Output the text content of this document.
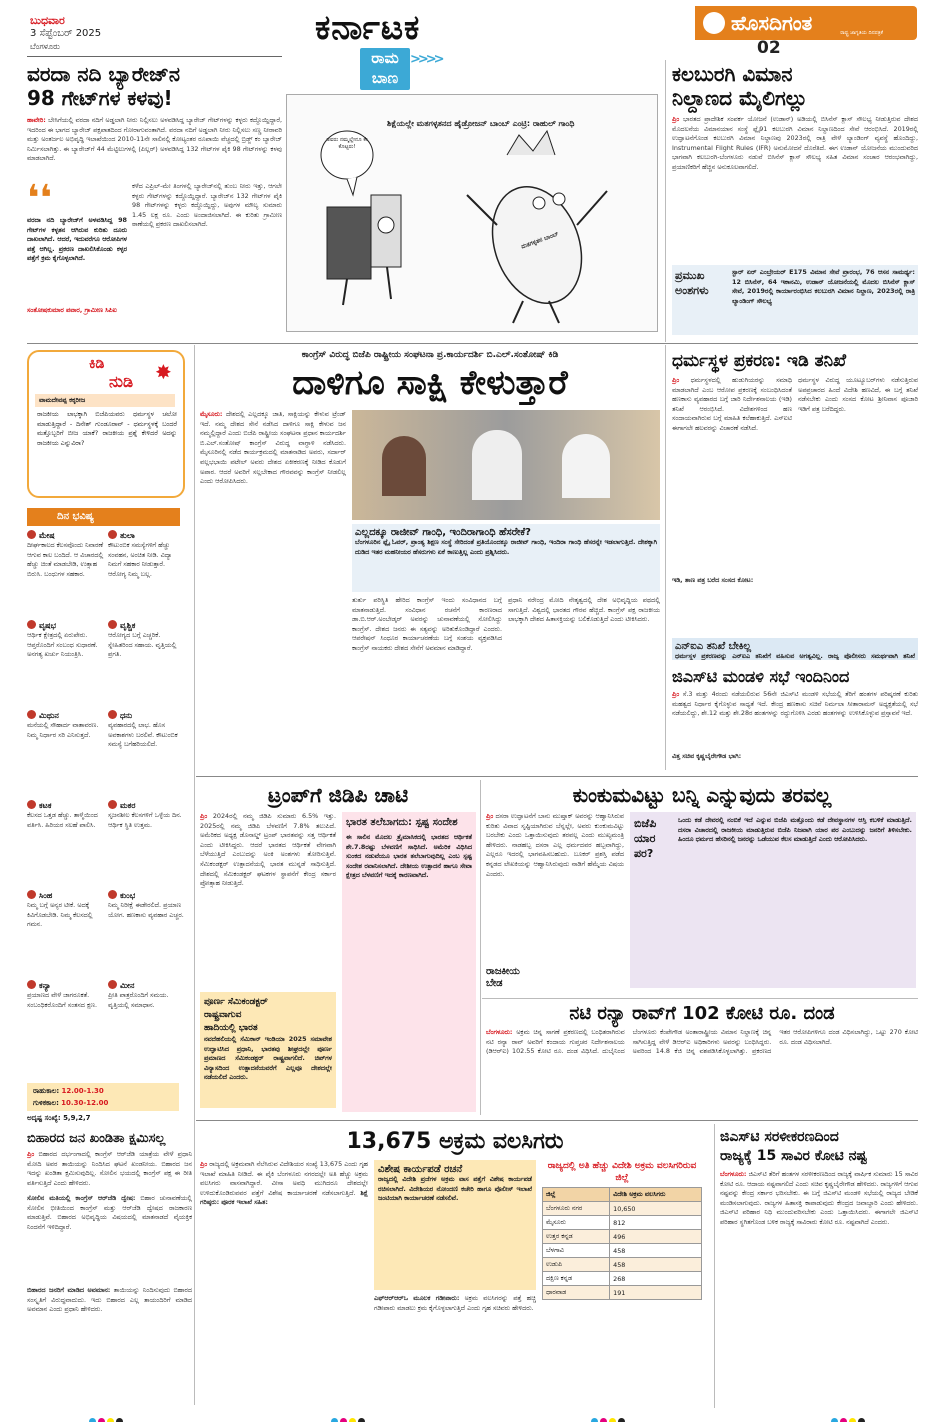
ಬುಧವಾರ
3 ಸೆಪ್ಟೆಂಬರ್ 2025
ಬೆಂಗಳೂರು	ಕರ್ನಾಟಕ
ರಾಮ
ಬಾಣ
>>>>
ಹೊಸದಿಗಂತ	ರಾಷ್ಟ್ರ ಜಾಗೃತಿಯ ದಿನಪತ್ರಿಕೆ
02
ವರದಾ ನದಿ ಬ್ಯಾರೇಜ್‌ನ
98 ಗೇಟ್‌ಗಳ ಕಳವು!
ಹಾವೇರಿ: ಬೇಸಿಗೆಯಲ್ಲಿ ವರದಾ ನದಿಗೆ ಅಡ್ಡಲಾಗಿ ನೀರು ನಿಲ್ಲಿಸಲು ಅಳವಡಿಸಿದ್ದ ಬ್ಯಾರೇಜ್ ಗೇಟ್‌ಗಳನ್ನು ಕಳ್ಳರು ಕದ್ದೊಯ್ದಿದ್ದಾರೆ, ಇದರಿಂದ ಈ ಭಾಗದ ಬ್ಯಾರೇಜ್ ಪಕ್ಷಪಾತದಿಂದ ಗೋರಾಗುವಂತಾಗಿದೆ. ವರದಾ ನದಿಗೆ ಅಡ್ಡಲಾಗಿ ನೀರು ನಿಲ್ಲಿಸಲು ಸಣ್ಣ ನೀರಾವರಿ ಮತ್ತು ಅಂತರ್ಜಲ ಅಭಿವೃದ್ಧಿ ಇಲಾಖೆಯಿಂದ 2010-11ನೇ ಸಾಲಿನಲ್ಲಿ ಕೋಟ್ಯಂತರ ರೂಪಾಯಿ ವೆಚ್ಚದಲ್ಲಿ ಬ್ರಿಡ್ಜ್ ಕಂ ಬ್ಯಾರೇಜ್ ನಿರ್ಮಿಸಲಾಗಿತ್ತು. ಈ ಬ್ಯಾರೇಜ್‌ಗೆ 44 ಮೆಟ್ಟಿಲುಗಳಲ್ಲಿ (ಪಿಲ್ಲರ್) ಅಳವಡಿಸಿದ್ದ 132 ಗೇಟ್‌ಗಳ ಪೈಕಿ 98 ಗೇಟ್‌ಗಳನ್ನು ಕಳವು ಮಾಡಲಾಗಿದೆ.
❛❛
ವರದಾ ನದಿ ಬ್ಯಾರೇಜ್‌ಗೆ ಅಳವಡಿಸಿದ್ದ 98 ಗೇಟ್‌ಗಳ ಕಳ್ಳತನ ಆಗಿರುವ ಕುರಿತು ದೂರು ದಾಖಲಾಗಿದೆ. ಆದರೆ, ಇದುವರೆಗೂ ಆರೋಪಿಗಳ ಪತ್ತೆ ಆಗಿಲ್ಲ. ಪ್ರಕರಣ ದಾಖಲಿಸಿಕೊಂಡು ಕಳ್ಳರ ಪತ್ತೆಗೆ ಕ್ರಮ ಕೈಗೊಳ್ಳಲಾಗಿದೆ.
ಸಂತೋಷಕುಮಾರ ಪವಾರ, ಗ್ರಾಮೀಣ ಸಿಪಿಐ
ಕಳೆದ ಎಪ್ರಿಲ್-ಮೇ ತಿಂಗಳಲ್ಲಿ ಬ್ಯಾರೇಜ್‌ನಲ್ಲಿ ತುಂಬ ನೀರು ಇತ್ತು, ಆಗಲೇ ಕಳ್ಳರು ಗೇಟ್‌ಗಳನ್ನು ಕದ್ದೊಯ್ದಿದ್ದಾರೆ. ಬ್ಯಾರೇಜ್‌ನ 132 ಗೇಟ್‌ಗಳ ಪೈಕಿ 98 ಗೇಟ್‌ಗಳನ್ನು ಕಳ್ಳರು ಕದ್ದೊಯ್ದಿದ್ದು, ಅವುಗಳ ಮೌಲ್ಯ ಸುಮಾರು 1.45 ಲಕ್ಷ ರೂ. ಎಂದು ಅಂದಾಜಿಸಲಾಗಿದೆ. ಈ ಕುರಿತು ಗ್ರಾಮೀಣ ಠಾಣೆಯಲ್ಲಿ ಪ್ರಕರಣ ದಾಖಲಿಸಲಾಗಿದೆ.
ಶಿಕ್ಷೆಯಲ್ಲೇ ಮತಗಳ್ಳತನದ ಹೈಡ್ರೋಜನ್ ಬಾಂಬ್ ಎಂಟ್ರಿ: ರಾಹುಲ್ ಗಾಂಧಿ
ಅವರು ನಮ್ಮಲ್ಲೇನೂ ಕೇ ಕೊಟ್ಟರು!
ಮತಗಳ್ಳತನ ಬಾಂಬ್
ಕಲಬುರಗಿ ವಿಮಾನ
ನಿಲ್ದಾಣದ ಮೈಲಿಗಲ್ಲು
ಪ್ರಿಂ ಭಾರತದ ಪ್ರಾದೇಶಿಕ ಸಂಪರ್ಕ ಯೋಜನೆ (ಉಡಾನ್) ಅಡಿಯಲ್ಲಿ ಬಿಸಿನೆಸ್ ಕ್ಲಾಸ್ ಸೌಲಭ್ಯ ನೀಡುತ್ತಿರುವ ದೇಶದ ಮೊದಲನೆಯ ವಿಮಾನಯಾನ ಸಂಸ್ಥೆ ಫ್ಲೈ91 ಕಲಬುರಗಿ ವಿಮಾನ ನಿಲ್ದಾಣದಿಂದ ಸೇವೆ ಆರಂಭಿಸಿದೆ. 2019ರಲ್ಲಿ ಉದ್ಘಾಟನೆಗೊಂಡ ಕಲಬುರಗಿ ವಿಮಾನ ನಿಲ್ದಾಣವು 2023ರಲ್ಲಿ ರಾತ್ರಿ ವೇಳೆ ಲ್ಯಾಂಡಿಂಗ್ ವ್ಯವಸ್ಥೆ ಹೊಂದಿದ್ದು, Instrumental Flight Rules (IFR) ಅನುಮೋದನೆ ದೊರೆತಿದೆ. ಈಗ ಉಡಾನ್ ಯೋಜನೆಯ ಮುಂದುವರಿದ ಭಾಗವಾಗಿ ಕಲಬುರಗಿ-ಬೆಂಗಳೂರು ನಡುವೆ ಬಿಸಿನೆಸ್ ಕ್ಲಾಸ್ ಸೌಲಭ್ಯ ಸಹಿತ ವಿಮಾನ ಸಂಚಾರ ಆರಂಭವಾಗಿದ್ದು, ಪ್ರಯಾಣಿಕರಿಗೆ ಹೆಚ್ಚಿನ ಅನುಕೂಲವಾಗಲಿದೆ.
ಪ್ರಮುಖ
ಅಂಶಗಳು
ಸ್ಟಾರ್ ಏರ್ ಎಂಬ್ರೇಯರ್ E175 ವಿಮಾನ ಸೇವೆ ಪ್ರಾರಂಭ, 76 ಆಸನ ಸಾಮರ್ಥ್ಯ: 12 ಬಿಸಿನೆಸ್, 64 ಇಕಾನಮಿ, ಉಡಾನ್ ಯೋಜನೆಯಲ್ಲಿ ಮೊದಲ ಬಿಸಿನೆಸ್ ಕ್ಲಾಸ್ ಸೇವೆ, 2019ರಲ್ಲಿ ಕಾರ್ಯಾರಂಭಿಸಿದ ಕಲಬುರಗಿ ವಿಮಾನ ನಿಲ್ದಾಣ, 2023ರಲ್ಲಿ ರಾತ್ರಿ ಲ್ಯಾಂಡಿಂಗ್ ಸೌಲಭ್ಯ
ಕಿಡಿ
ನುಡಿ ✸
ವಾಮದೇವಪ್ಪ ಕಕ್ಕರೀಜ
ರಾಜಕೀಯ ಲಾಭಕ್ಕಾಗಿ ಬಿಜೆಪಿಯವರು ಧರ್ಮಸ್ಥಳ ಚಲೋ ಮಾಡುತ್ತಿದ್ದಾರೆ - ದಿನೇಶ್ ಗುಂಡೂರಾವ್ - ಧರ್ಮಸ್ಥಳಕ್ಕೆ ಬಂದರೆ ಮತ್ತೊಬ್ಬರಿಗೆ ಬೀಜ ಯಾಕೆ? ರಾಜಕೀಯ ಪ್ರಶ್ನೆ ಕೇಳಿದರೆ ಅದನ್ನು ರಾಜಕೀಯ ಎನ್ನುವಿರಾ?
ದಿನ ಭವಿಷ್ಯ
ಮೇಷ
ದೀರ್ಘಕಾಲದ ಕೆಲಸವೊಂದು ನಿವಾರಣೆ ಆಗುವ ಕಾಲ ಬಂದಿದೆ. ಆ ವಿಚಾರದಲ್ಲಿ ಹೆಚ್ಚು ಚಿಂತೆ ಮಾಡಬೇಡಿ, ಉತ್ಸಾಹ ಬಿರುಸಿ. ಬಂಧುಗಳ ಸಹಕಾರ.
ತುಲಾ
ಕೌಟುಂಬಿಕ ಸಮಸ್ಯೆಗಳಿಗೆ ಹೆಚ್ಚು ಸಂವಹನ, ಅಂಚಿತ ನೀಡಿ. ವಿದ್ಯಾ ನಿಮಗೆ ಸಹಕಾರ ನೀಡುತ್ತಾರೆ. ಆರೋಗ್ಯ ನಿಮ್ಮ ಬಲ್ಲ.
ವೃಷಭ
ಆರ್ಥಿಕ ಕ್ಷೇತ್ರದಲ್ಲಿ ಏರುಪೇರು. ಆಪ್ತರೊಂದಿಗೆ ಸಂಬಂಧ ಸುಧಾರಣೆ. ಅನಗತ್ಯ ಖರ್ಚು ನಿಯಂತ್ರಿಸಿ.
ವೃಶ್ಚಿಕ
ಆರೋಗ್ಯದ ಬಗ್ಗೆ ಎಚ್ಚರಿಕೆ. ಸ್ನೇಹಿತರಿಂದ ಸಹಾಯ. ವೃತ್ತಿಯಲ್ಲಿ ಪ್ರಗತಿ.
ಮಿಥುನ
ಮನೆಯಲ್ಲಿ ಸೌಹಾರ್ದ ವಾತಾವರಣ. ನಿಮ್ಮ ನಿರ್ಧಾರ ಸರಿ ಎನಿಸುತ್ತದೆ.
ಧನು
ವ್ಯವಹಾರದಲ್ಲಿ ಲಾಭ. ಹೊಸ ಅವಕಾಶಗಳು ಬರಲಿವೆ. ಕೌಟುಂಬಿಕ ಸಮಸ್ಯೆ ಬಗೆಹರಿಯಲಿದೆ.
ಕಟಕ
ಕೆಲಸದ ಒತ್ತಡ ಹೆಚ್ಚು. ತಾಳ್ಮೆಯಿಂದ ವರ್ತಿಸಿ. ಹಿರಿಯರ ಸಲಹೆ ಪಾಲಿಸಿ.
ಮಕರ
ಸೃಜನಶೀಲ ಕೆಲಸಗಳಿಗೆ ಒಳ್ಳೆಯ ದಿನ. ಆರ್ಥಿಕ ಸ್ಥಿತಿ ಉತ್ತಮ.
ಸಿಂಹ
ನಿಮ್ಮ ಬಗ್ಗೆ ಅನ್ಯರ ಟೀಕೆ. ಅದಕ್ಕೆ ಕಿವಿಗೊಡಬೇಡಿ. ನಿಮ್ಮ ಕೆಲಸದಲ್ಲಿ ಗಮನ.
ಕುಂಭ
ನಿಮ್ಮ ನಿರೀಕ್ಷೆ ಈಡೇರಲಿದೆ. ಪ್ರಯಾಣ ಯೋಗ. ಹಣಕಾಸು ವ್ಯವಹಾರ ಎಚ್ಚರ.
ಕನ್ಯಾ
ಪ್ರಯಾಣದ ವೇಳೆ ಜಾಗರೂಕತೆ. ಸಂಬಂಧಿಕರೊಂದಿಗೆ ಸಂತಸದ ಕ್ಷಣ.
ಮೀನ
ಪ್ರೀತಿ ಪಾತ್ರರೊಂದಿಗೆ ಸಮಯ. ವೃತ್ತಿಯಲ್ಲಿ ಸಮಾಧಾನ.
ರಾಹುಕಾಲ: 12.00-1.30
ಗುಳಿಕಕಾಲ: 10.30-12.00
ಅದೃಷ್ಟ ಸಂಖ್ಯೆ: 5,9,2,7
ಬಿಹಾರದ ಜನ ಖಂಡಿತಾ ಕ್ಷಮಿಸಲ್ಲ
ಪ್ರಿಂ ಬಿಹಾರದ ದರ್ಭಂಗಾದಲ್ಲಿ ಕಾಂಗ್ರೆಸ್ ಆರ್‌ಜೆಡಿ ಯಾತ್ರೆಯ ವೇಳೆ ಪ್ರಧಾನಿ ಮೋದಿ ಅವರ ತಾಯಿಯನ್ನು ನಿಂದಿಸಿದ ಘಟನೆ ಖಂಡನೀಯ. ಬಿಹಾರದ ಜನ ಇದನ್ನು ಖಂಡಿತಾ ಕ್ಷಮಿಸುವುದಿಲ್ಲ. ಸೋಲಿನ ಭಯದಲ್ಲಿ ಕಾಂಗ್ರೆಸ್ ಪಕ್ಷ ಈ ರೀತಿ ವರ್ತಿಸುತ್ತಿದೆ ಎಂದು ಹೇಳಿದರು.
ಸೋಲಿನ ಮತಿಯಲ್ಲಿ ಕಾಂಗ್ರೆಸ್ ಆರ್‌ಜೆಡಿ ದ್ವೇಷ: ಬಿಹಾರ ಚುನಾವಣೆಯಲ್ಲಿ ಸೋಲಿನ ಭೀತಿಯಿಂದ ಕಾಂಗ್ರೆಸ್ ಮತ್ತು ಆರ್‌ಜೆಡಿ ದ್ವೇಷದ ರಾಜಕಾರಣ ಮಾಡುತ್ತಿವೆ. ಬಿಹಾರದ ಅಭಿವೃದ್ಧಿಯ ವಿಷಯದಲ್ಲಿ ಮಾತನಾಡದೆ ವೈಯಕ್ತಿಕ ನಿಂದನೆಗೆ ಇಳಿದಿದ್ದಾರೆ.
ಬಿಹಾರದ ಜನರಿಗೆ ಮಾಡಿದ ಅವಮಾನ: ತಾಯಿಯನ್ನು ನಿಂದಿಸುವುದು ಬಿಹಾರದ ಸಂಸ್ಕೃತಿಗೆ ವಿರುದ್ಧವಾದುದು. ಇದು ಬಿಹಾರದ ಎಲ್ಲ ತಾಯಂದಿರಿಗೆ ಮಾಡಿದ ಅವಮಾನ ಎಂದು ಪ್ರಧಾನಿ ಹೇಳಿದರು.
ಕಾಂಗ್ರೆಸ್ ವಿರುದ್ಧ ಬಿಜೆಪಿ ರಾಷ್ಟ್ರೀಯ ಸಂಘಟನಾ ಪ್ರ.ಕಾರ್ಯದರ್ಶಿ ಬಿ.ಎಲ್.ಸಂತೋಷ್ ಕಿಡಿ
ದಾಳಿಗೂ ಸಾಕ್ಷಿ ಕೇಳುತ್ತಾರೆ
ಮೈಸೂರು: ದೇಶದಲ್ಲಿ ಎಲ್ಲದಕ್ಕೂ ಜಾತಿ, ಸಾಕ್ಷಿಯನ್ನು ಕೇಳುವ ಟ್ರೆಂಡ್ ಇದೆ. ನಮ್ಮ ದೇಶದ ಸೇನೆ ನಡೆಸಿದ ದಾಳಿಗೂ ಸಾಕ್ಷಿ ಕೇಳುವ ಜನ ನಮ್ಮಲ್ಲಿದ್ದಾರೆ ಎಂದು ಬಿಜೆಪಿ ರಾಷ್ಟ್ರೀಯ ಸಂಘಟನಾ ಪ್ರಧಾನ ಕಾರ್ಯದರ್ಶಿ ಬಿ.ಎಲ್.ಸಂತೋಷ್ ಕಾಂಗ್ರೆಸ್ ವಿರುದ್ಧ ವಾಗ್ದಾಳಿ ನಡೆಸಿದರು. ಮೈಸೂರಿನಲ್ಲಿ ನಡೆದ ಕಾರ್ಯಕ್ರಮದಲ್ಲಿ ಮಾತನಾಡಿದ ಅವರು, ಸರ್ದಾರ್ ವಲ್ಲಭಭಾಯಿ ಪಟೇಲ್ ಅವರು ದೇಶದ ಏಕೀಕರಣಕ್ಕೆ ನೀಡಿದ ಕೊಡುಗೆ ಅಪಾರ. ಆದರೆ ಅವರಿಗೆ ಸಲ್ಲಬೇಕಾದ ಗೌರವವನ್ನು ಕಾಂಗ್ರೆಸ್ ನೀಡಲಿಲ್ಲ ಎಂದು ಆರೋಪಿಸಿದರು.
ಎಲ್ಲದಕ್ಕೂ ರಾಜೀವ್ ಗಾಂಧಿ, ಇಂದಿರಾಗಾಂಧಿ ಹೆಸರೇಕೆ?
ಬೆಂಗಳೂರಿನ ಫ್ಲೈ ಓವರ್, ಪ್ರಾಂತ್ಯ ಶಿಕ್ಷಣ ಸಂಸ್ಥೆ ಸೇರಿದಂತೆ ಪ್ರತಿಯೊಂದಕ್ಕೂ ರಾಜೀವ್ ಗಾಂಧಿ, ಇಂದಿರಾ ಗಾಂಧಿ ಹೆಸರನ್ನೇ ಇಡಲಾಗುತ್ತಿದೆ. ದೇಶಕ್ಕಾಗಿ ದುಡಿದ ಇತರ ಮಹನೀಯರ ಹೆಸರುಗಳು ಏಕೆ ಕಾಣುತ್ತಿಲ್ಲ ಎಂದು ಪ್ರಶ್ನಿಸಿದರು.
ತುರ್ತು ಪರಿಸ್ಥಿತಿ ಹೇರಿದ ಕಾಂಗ್ರೆಸ್ ಇಂದು ಸಂವಿಧಾನದ ಬಗ್ಗೆ ಮಾತನಾಡುತ್ತಿದೆ. ಸಂವಿಧಾನ ರಚನೆಗೆ ಕಾರಣರಾದ ಡಾ.ಬಿ.ಆರ್.ಅಂಬೇಡ್ಕರ್ ಅವರನ್ನು ಚುನಾವಣೆಯಲ್ಲಿ ಸೋಲಿಸಿದ್ದು ಕಾಂಗ್ರೆಸ್. ದೇಶದ ಜನರು ಈ ಸತ್ಯವನ್ನು ಅರಿತುಕೊಂಡಿದ್ದಾರೆ ಎಂದರು. ಆಪರೇಷನ್ ಸಿಂಧೂರ ಕಾರ್ಯಾಚರಣೆಯ ಬಗ್ಗೆ ಸಂಶಯ ವ್ಯಕ್ತಪಡಿಸಿದ ಕಾಂಗ್ರೆಸ್ ನಾಯಕರು ದೇಶದ ಸೇನೆಗೆ ಅವಮಾನ ಮಾಡಿದ್ದಾರೆ.
ಪ್ರಧಾನಿ ನರೇಂದ್ರ ಮೋದಿ ನೇತೃತ್ವದಲ್ಲಿ ದೇಶ ಅಭಿವೃದ್ಧಿಯ ಪಥದಲ್ಲಿ ಸಾಗುತ್ತಿದೆ. ವಿಶ್ವದಲ್ಲಿ ಭಾರತದ ಗೌರವ ಹೆಚ್ಚಿದೆ. ಕಾಂಗ್ರೆಸ್ ಪಕ್ಷ ರಾಜಕೀಯ ಲಾಭಕ್ಕಾಗಿ ದೇಶದ ಹಿತಾಸಕ್ತಿಯನ್ನು ಬಲಿಕೊಡುತ್ತಿದೆ ಎಂದು ಟೀಕಿಸಿದರು.
ಧರ್ಮಸ್ಥಳ ಪ್ರಕರಣ: ಇಡಿ ತನಿಖೆ
ಪ್ರಿಂ ಧರ್ಮಸ್ಥಳದಲ್ಲಿ ಹುಡುಗಿಯರನ್ನು ಸಮಾಧಿ ಮಾಡಲಾಗಿದೆ ಎಂಬ ಆರೋಪ ಪ್ರಕರಣಕ್ಕೆ ಸಂಬಂಧಿಸಿದಂತೆ ಹಣಕಾಸು ವ್ಯವಹಾರದ ಬಗ್ಗೆ ಜಾರಿ ನಿರ್ದೇಶನಾಲಯ (ಇಡಿ) ತನಿಖೆ ಆರಂಭಿಸಿದೆ. ವಿದೇಶಗಳಿಂದ ಹಣ ಸಂದಾಯವಾಗಿರುವ ಬಗ್ಗೆ ಮಾಹಿತಿ ಕಲೆಹಾಕುತ್ತಿದೆ. ಎಸ್‌ಐಟಿ ಈಗಾಗಲೇ ಹಲವರನ್ನು ವಿಚಾರಣೆ ನಡೆಸಿದೆ.
ಧರ್ಮಸ್ಥಳ ವಿರುದ್ಧ ಯೂಟ್ಯೂಬರ್‌ಗಳು ನಡೆಸುತ್ತಿರುವ ಅಪಪ್ರಚಾರದ ಹಿಂದೆ ವಿದೇಶಿ ಹಣವಿದೆ, ಈ ಬಗ್ಗೆ ತನಿಖೆ ನಡೆಸಬೇಕು ಎಂದು ಸಂಸದ ಕೋಟ ಶ್ರೀನಿವಾಸ ಪೂಜಾರಿ ಇಡಿಗೆ ಪತ್ರ ಬರೆದಿದ್ದರು.
ಇಡಿ, ತಾಣ ಪತ್ರ ಬರೆದ ಸಂಸದ ಕೋಟ:
ಎನ್‌ಐಎ ತನಿಖೆ ಬೇಕಿಲ್ಲ
ಧರ್ಮಸ್ಥಳ ಪ್ರಕರಣವನ್ನು ಎನ್‌ಐಎ ತನಿಖೆಗೆ ವಹಿಸುವ ಅಗತ್ಯವಿಲ್ಲ. ರಾಜ್ಯ ಪೊಲೀಸರು ಸಮರ್ಥವಾಗಿ ತನಿಖೆ
ಜಿಎಸ್‌ಟಿ ಮಂಡಳಿ ಸಭೆ ಇಂದಿನಿಂದ
ಪ್ರಿಂ ಸೆ.3 ಮತ್ತು 4ರಂದು ನಡೆಯಲಿರುವ 56ನೇ ಜಿಎಸ್‌ಟಿ ಮಂಡಳಿ ಸಭೆಯಲ್ಲಿ ತೆರಿಗೆ ಹಂತಗಳ ಪರಿಷ್ಕರಣೆ ಕುರಿತು ಮಹತ್ವದ ನಿರ್ಧಾರ ಕೈಗೊಳ್ಳುವ ಸಾಧ್ಯತೆ ಇದೆ. ಕೇಂದ್ರ ಹಣಕಾಸು ಸಚಿವೆ ನಿರ್ಮಲಾ ಸೀತಾರಾಮನ್ ಅಧ್ಯಕ್ಷತೆಯಲ್ಲಿ ಸಭೆ ನಡೆಯಲಿದ್ದು, ಶೇ.12 ಮತ್ತು ಶೇ.28ರ ಹಂತಗಳನ್ನು ರದ್ದುಗೊಳಿಸಿ ಎರಡು ಹಂತಗಳನ್ನು ಉಳಿಸಿಕೊಳ್ಳುವ ಪ್ರಸ್ತಾವನೆ ಇದೆ.
ವಿತ್ತ ಸಚಿವ ಕೃಷ್ಣಬೈರೇಗೌಡ ಭಾಗಿ:
ಟ್ರಂಪ್‌ಗೆ ಜಿಡಿಪಿ ಚಾಟಿ
ಪ್ರಿಂ 2024ರಲ್ಲಿ ನಮ್ಮ ಜಿಡಿಪಿ ಸುಮಾರು 6.5% ಇತ್ತು. 2025ರಲ್ಲಿ ನಮ್ಮ ಜಿಡಿಪಿ ಬೆಳವಣಿಗೆ 7.8% ತಲುಪಿದೆ. ಅಮೆರಿಕದ ಅಧ್ಯಕ್ಷ ಡೊನಾಲ್ಡ್ ಟ್ರಂಪ್ ಭಾರತವನ್ನು ಸತ್ತ ಆರ್ಥಿಕತೆ ಎಂದು ಟೀಕಿಸಿದ್ದರು. ಆದರೆ ಭಾರತದ ಆರ್ಥಿಕತೆ ವೇಗವಾಗಿ ಬೆಳೆಯುತ್ತಿದೆ ಎಂಬುದನ್ನು ಅಂಕಿ ಅಂಶಗಳು ತೋರಿಸುತ್ತಿವೆ. ಸೆಮಿಕಂಡಕ್ಟರ್ ಉತ್ಪಾದನೆಯಲ್ಲಿ ಭಾರತ ಮುನ್ನಡೆ ಸಾಧಿಸುತ್ತಿದೆ. ದೇಶದಲ್ಲಿ ಸೆಮಿಕಂಡಕ್ಟರ್ ಘಟಕಗಳ ಸ್ಥಾಪನೆಗೆ ಕೇಂದ್ರ ಸರ್ಕಾರ ಪ್ರೋತ್ಸಾಹ ನೀಡುತ್ತಿದೆ.
ಭಾರತ ತಲೆಬಾಗದು: ಸ್ಪಷ್ಟ ಸಂದೇಶ
ಈ ಸಾಲಿನ ಮೊದಲ ತ್ರೈಮಾಸಿಕದಲ್ಲಿ ಭಾರತದ ಆರ್ಥಿಕತೆ ಶೇ.7.8ರಷ್ಟು ಬೆಳವಣಿಗೆ ಸಾಧಿಸಿದೆ. ಅಮೆರಿಕ ವಿಧಿಸಿದ ಸುಂಕದ ನಡುವೆಯೂ ಭಾರತ ತಲೆಬಾಗುವುದಿಲ್ಲ ಎಂಬ ಸ್ಪಷ್ಟ ಸಂದೇಶ ರವಾನಿಸಲಾಗಿದೆ. ದೇಶೀಯ ಉತ್ಪಾದನೆ ಹಾಗೂ ಸೇವಾ ಕ್ಷೇತ್ರದ ಬೆಳವಣಿಗೆ ಇದಕ್ಕೆ ಕಾರಣವಾಗಿದೆ.
ಪೂರ್ಣ ಸೆಮಿಕಂಡಕ್ಟರ್
ರಾಷ್ಟ್ರವಾಗುವ
ಹಾದಿಯಲ್ಲಿ ಭಾರತ
ನವದೆಹಲಿಯಲ್ಲಿ ಸೆಮಿಕಾನ್ ಇಂಡಿಯಾ 2025 ಸಮಾವೇಶ ಉದ್ಘಾಟಿಸಿದ ಪ್ರಧಾನಿ, ಭಾರತವು ಶೀಘ್ರದಲ್ಲೇ ಪೂರ್ಣ ಪ್ರಮಾಣದ ಸೆಮಿಕಂಡಕ್ಟರ್ ರಾಷ್ಟ್ರವಾಗಲಿದೆ. ಚಿಪ್‌ಗಳ ವಿನ್ಯಾಸದಿಂದ ಉತ್ಪಾದನೆಯವರೆಗೆ ಎಲ್ಲವೂ ದೇಶದಲ್ಲೇ ನಡೆಯಲಿದೆ ಎಂದರು.
ಕುಂಕುಮವಿಟ್ಟು ಬನ್ನಿ ಎನ್ನುವುದು ತರವಲ್ಲ
ಪ್ರಿಂ ದಸರಾ ಉದ್ಘಾಟನೆಗೆ ಬಾನು ಮುಷ್ತಾಕ್ ಅವರನ್ನು ಆಹ್ವಾನಿಸಿರುವ ಕುರಿತು ವಿವಾದ ಸೃಷ್ಟಿಯಾಗಿರುವ ಬೆನ್ನಲ್ಲೇ, ಅವರು ಕುಂಕುಮವಿಟ್ಟು ಬರಬೇಕು ಎಂದು ಒತ್ತಾಯಿಸುವುದು ತರವಲ್ಲ ಎಂದು ಮುಖ್ಯಮಂತ್ರಿ ಹೇಳಿದರು. ನಾಡಹಬ್ಬ ದಸರಾ ಎಲ್ಲ ಧರ್ಮದವರ ಹಬ್ಬವಾಗಿದ್ದು, ಎಲ್ಲರೂ ಇದರಲ್ಲಿ ಭಾಗವಹಿಸಬಹುದು. ಬೂಕರ್ ಪ್ರಶಸ್ತಿ ಪಡೆದ ಕನ್ನಡದ ಲೇಖಕಿಯನ್ನು ಆಹ್ವಾನಿಸಿರುವುದು ನಾಡಿಗೆ ಹೆಮ್ಮೆಯ ವಿಷಯ ಎಂದರು.
ಬಿಜೆಪಿ
ಯಾರ
ಪರ?
ಒಂದು ಕಡೆ ದೇವರಲ್ಲಿ ನಂಬಿಕೆ ಇದೆ ಎನ್ನುವ ಬಿಜೆಪಿ ಮತ್ತೊಂದು ಕಡೆ ದೇವಸ್ಥಾನಗಳ ಆಸ್ತಿ ಕಬಳಿಕೆ ಮಾಡುತ್ತಿದೆ. ದಸರಾ ವಿಚಾರದಲ್ಲಿ ರಾಜಕೀಯ ಮಾಡುತ್ತಿರುವ ಬಿಜೆಪಿ ನಿಜವಾಗಿ ಯಾರ ಪರ ಎಂಬುದನ್ನು ಜನರಿಗೆ ತಿಳಿಸಬೇಕು. ಹಿಂದೂ ಧರ್ಮದ ಹೆಸರಿನಲ್ಲಿ ಜನರನ್ನು ಒಡೆಯುವ ಕೆಲಸ ಮಾಡುತ್ತಿದೆ ಎಂದು ಆರೋಪಿಸಿದರು.
ರಾಜಕೀಯ
ಬೇಡ
ನಟಿ ರನ್ಯಾ ರಾವ್‌ಗೆ 102 ಕೋಟಿ ರೂ. ದಂಡ
ಬೆಂಗಳೂರು: ಅಕ್ರಮ ಚಿನ್ನ ಸಾಗಣೆ ಪ್ರಕರಣದಲ್ಲಿ ಬಂಧಿತರಾಗಿರುವ ನಟಿ ರನ್ಯಾ ರಾವ್ ಅವರಿಗೆ ಕಂದಾಯ ಗುಪ್ತಚರ ನಿರ್ದೇಶನಾಲಯ (ಡಿಆರ್‌ಐ) 102.55 ಕೋಟಿ ರೂ. ದಂಡ ವಿಧಿಸಿದೆ. ದುಬೈನಿಂದ ಬೆಂಗಳೂರು ಕೆಂಪೇಗೌಡ ಅಂತಾರಾಷ್ಟ್ರೀಯ ವಿಮಾನ ನಿಲ್ದಾಣಕ್ಕೆ ಚಿನ್ನ ಸಾಗಿಸುತ್ತಿದ್ದ ವೇಳೆ ಡಿಆರ್‌ಐ ಅಧಿಕಾರಿಗಳು ಅವರನ್ನು ಬಂಧಿಸಿದ್ದರು. ಅವರಿಂದ 14.8 ಕೆಜಿ ಚಿನ್ನ ವಶಪಡಿಸಿಕೊಳ್ಳಲಾಗಿತ್ತು. ಪ್ರಕರಣದ ಇತರ ಆರೋಪಿಗಳಿಗೂ ದಂಡ ವಿಧಿಸಲಾಗಿದ್ದು, ಒಟ್ಟು 270 ಕೋಟಿ ರೂ. ದಂಡ ವಿಧಿಸಲಾಗಿದೆ.
13,675 ಅಕ್ರಮ ವಲಸಿಗರು
ಪ್ರಿಂ ರಾಜ್ಯದಲ್ಲಿ ಅಕ್ರಮವಾಗಿ ನೆಲೆಸಿರುವ ವಿದೇಶಿಯರ ಸಂಖ್ಯೆ 13,675 ಎಂದು ಗೃಹ ಇಲಾಖೆ ಮಾಹಿತಿ ನೀಡಿದೆ. ಈ ಪೈಕಿ ಬೆಂಗಳೂರು ನಗರದಲ್ಲೇ ಅತಿ ಹೆಚ್ಚು ಅಕ್ರಮ ವಲಸಿಗರು ವಾಸವಾಗಿದ್ದಾರೆ. ವೀಸಾ ಅವಧಿ ಮುಗಿದರೂ ದೇಶದಲ್ಲೇ ಉಳಿದುಕೊಂಡಿರುವವರ ಪತ್ತೆಗೆ ವಿಶೇಷ ಕಾರ್ಯಾಚರಣೆ ನಡೆಸಲಾಗುತ್ತಿದೆ. ಶಿಕ್ಷೆ ಗರಿಷ್ಠರು: ಪೂರಕ ಇಲಾಖೆ ಸಹಿತ:
ವಿಶೇಷ ಕಾರ್ಯಪಡೆ ರಚನೆ
ರಾಜ್ಯದಲ್ಲಿ ವಿದೇಶಿ ಪ್ರಜೆಗಳ ಅಕ್ರಮ ವಾಸ ಪತ್ತೆಗೆ ವಿಶೇಷ ಕಾರ್ಯಪಡೆ ರಚಿಸಲಾಗಿದೆ. ವಿದೇಶಿಯರ ನೋಂದಣಿ ಕಚೇರಿ ಹಾಗೂ ಪೊಲೀಸ್ ಇಲಾಖೆ ಜಂಟಿಯಾಗಿ ಕಾರ್ಯಾಚರಣೆ ನಡೆಸಲಿವೆ.
ಎಫ್‌ಆರ್‌ಆರ್‌ಒ ಮೂಲಕ ಗಡೀಪಾರು: ಅಕ್ರಮ ವಲಸಿಗರನ್ನು ಪತ್ತೆ ಹಚ್ಚಿ ಗಡೀಪಾರು ಮಾಡಲು ಕ್ರಮ ಕೈಗೊಳ್ಳಲಾಗುತ್ತಿದೆ ಎಂದು ಗೃಹ ಸಚಿವರು ಹೇಳಿದರು.
ರಾಜ್ಯದಲ್ಲಿ ಅತಿ ಹೆಚ್ಚು ವಿದೇಶಿ ಅಕ್ರಮ ವಲಸಿಗರಿರುವ ಜಿಲ್ಲೆ
ಜಿಲ್ಲೆ	ವಿದೇಶಿ ಅಕ್ರಮ ವಲಸಿಗರು
ಬೆಂಗಳೂರು ನಗರ	10,650
ಮೈಸೂರು	812
ಉತ್ತರ ಕನ್ನಡ	496
ಬೆಳಗಾವಿ	458
ಉಡುಪಿ	458
ದಕ್ಷಿಣ ಕನ್ನಡ	268
ಧಾರವಾಡ	191
ಜಿಎಸ್‌ಟಿ ಸರಳೀಕರಣದಿಂದ
ರಾಜ್ಯಕ್ಕೆ 15 ಸಾವಿರ ಕೋಟಿ ನಷ್ಟ
ಬೆಂಗಳೂರು: ಜಿಎಸ್‌ಟಿ ತೆರಿಗೆ ಹಂತಗಳ ಸರಳೀಕರಣದಿಂದ ರಾಜ್ಯಕ್ಕೆ ವಾರ್ಷಿಕ ಸುಮಾರು 15 ಸಾವಿರ ಕೋಟಿ ರೂ. ಆದಾಯ ನಷ್ಟವಾಗಲಿದೆ ಎಂದು ಸಚಿವ ಕೃಷ್ಣಬೈರೇಗೌಡ ಹೇಳಿದರು. ರಾಜ್ಯಗಳಿಗೆ ಆಗುವ ನಷ್ಟವನ್ನು ಕೇಂದ್ರ ಸರ್ಕಾರ ಭರಿಸಬೇಕು. ಈ ಬಗ್ಗೆ ಜಿಎಸ್‌ಟಿ ಮಂಡಳಿ ಸಭೆಯಲ್ಲಿ ರಾಜ್ಯದ ಬೇಡಿಕೆ ಮಂಡಿಸಲಾಗುವುದು. ರಾಜ್ಯಗಳ ಹಿತಾಸಕ್ತಿ ಕಾಪಾಡುವುದು ಕೇಂದ್ರದ ಜವಾಬ್ದಾರಿ ಎಂದು ಹೇಳಿದರು. ಜಿಎಸ್‌ಟಿ ಪರಿಹಾರ ನಿಧಿ ಮುಂದುವರಿಸಬೇಕು ಎಂದು ಒತ್ತಾಯಿಸಿದರು. ಈಗಾಗಲೇ ಜಿಎಸ್‌ಟಿ ಪರಿಹಾರ ಸ್ಥಗಿತಗೊಂಡ ಬಳಿಕ ರಾಜ್ಯಕ್ಕೆ ಸಾವಿರಾರು ಕೋಟಿ ರೂ. ನಷ್ಟವಾಗಿದೆ ಎಂದರು.
